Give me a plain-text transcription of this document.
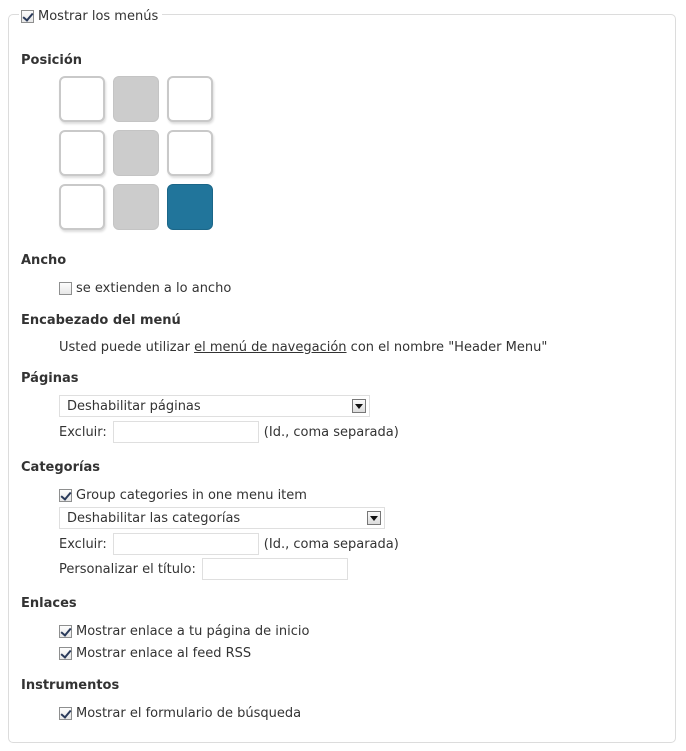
Mostrar los menús
Posición
Ancho
se extienden a lo ancho
Encabezado del menú
Usted puede utilizar el menú de navegación con el nombre "Header Menu"
Páginas
Deshabilitar páginas
Excluir:	(Id., coma separada)
Categorías
Group categories in one menu item
Deshabilitar las categorías
Excluir:	(Id., coma separada)
Personalizar el título:
Enlaces
Mostrar enlace a tu página de inicio
Mostrar enlace al feed RSS
Instrumentos
Mostrar el formulario de búsqueda
